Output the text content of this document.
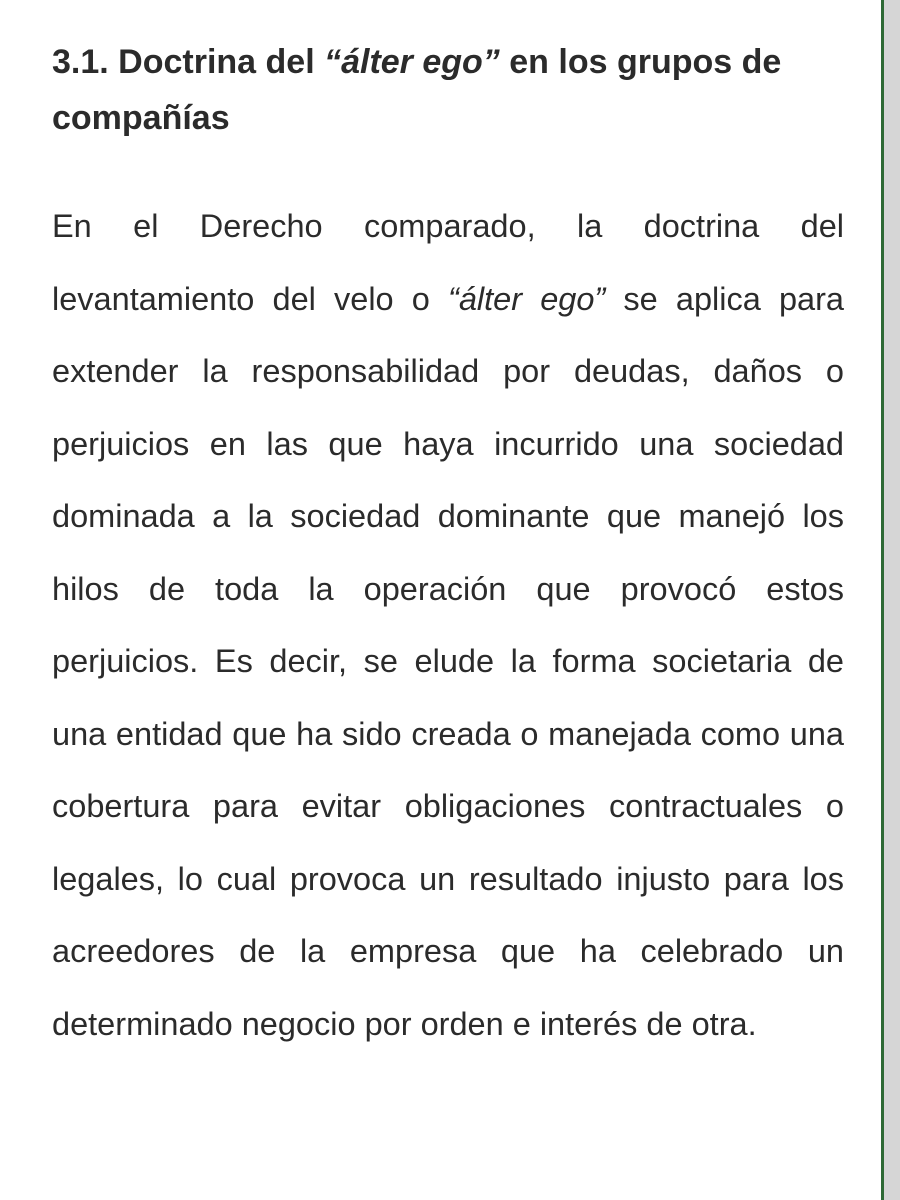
3.1. Doctrina del “álter ego” en los grupos de compañías

En el Derecho comparado, la doctrina del levantamiento del velo o “álter ego” se aplica para extender la responsabilidad por deudas, daños o perjuicios en las que haya incurrido una sociedad dominada a la sociedad dominante que manejó los hilos de toda la operación que provocó estos perjuicios. Es decir, se elude la forma societaria de una entidad que ha sido creada o manejada como una cobertura para evitar obligaciones contractuales o legales, lo cual provoca un resultado injusto para los acreedores de la empresa que ha celebrado un determinado negocio por orden e interés de otra.
